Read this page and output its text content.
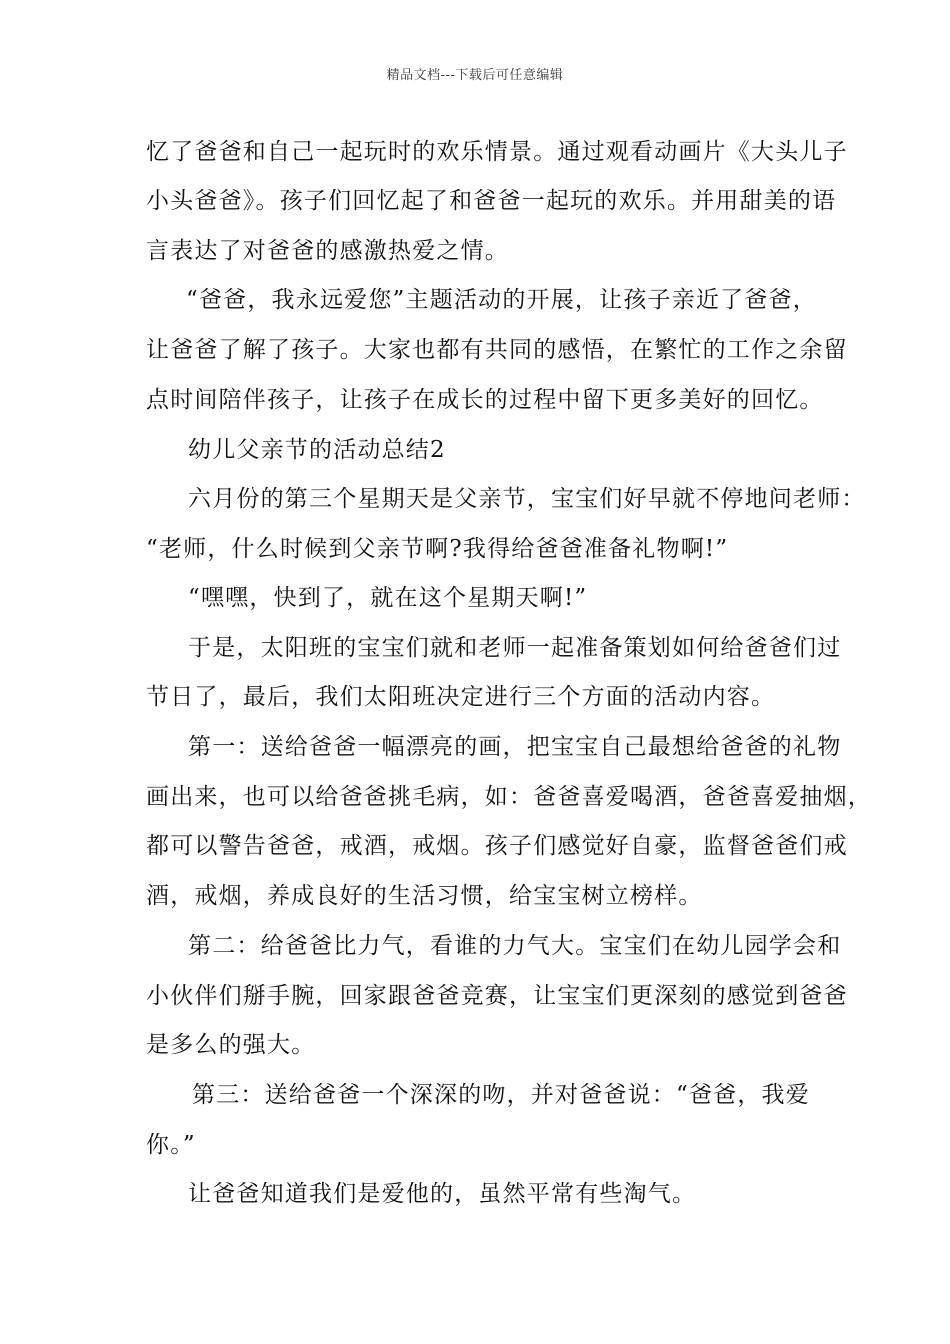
精品文档---下载后可任意编辑
忆了爸爸和自己一起玩时的欢乐情景。通过观看动画片《大头儿子
小头爸爸》。孩子们回忆起了和爸爸一起玩的欢乐。并用甜美的语
言表达了对爸爸的感激热爱之情。
“爸爸，我永远爱您”主题活动的开展，让孩子亲近了爸爸，
让爸爸了解了孩子。大家也都有共同的感悟，在繁忙的工作之余留
点时间陪伴孩子，让孩子在成长的过程中留下更多美好的回忆。
幼儿父亲节的活动总结2
六月份的第三个星期天是父亲节，宝宝们好早就不停地问老师：
“老师，什么时候到父亲节啊?我得给爸爸准备礼物啊!”
“嘿嘿，快到了，就在这个星期天啊!”
于是，太阳班的宝宝们就和老师一起准备策划如何给爸爸们过
节日了，最后，我们太阳班决定进行三个方面的活动内容。
第一：送给爸爸一幅漂亮的画，把宝宝自己最想给爸爸的礼物
画出来，也可以给爸爸挑毛病，如：爸爸喜爱喝酒，爸爸喜爱抽烟，
都可以警告爸爸，戒酒，戒烟。孩子们感觉好自豪，监督爸爸们戒
酒，戒烟，养成良好的生活习惯，给宝宝树立榜样。
第二：给爸爸比力气，看谁的力气大。宝宝们在幼儿园学会和
小伙伴们掰手腕，回家跟爸爸竞赛，让宝宝们更深刻的感觉到爸爸
是多么的强大。
第三：送给爸爸一个深深的吻，并对爸爸说：“爸爸，我爱
你。”
让爸爸知道我们是爱他的，虽然平常有些淘气。
